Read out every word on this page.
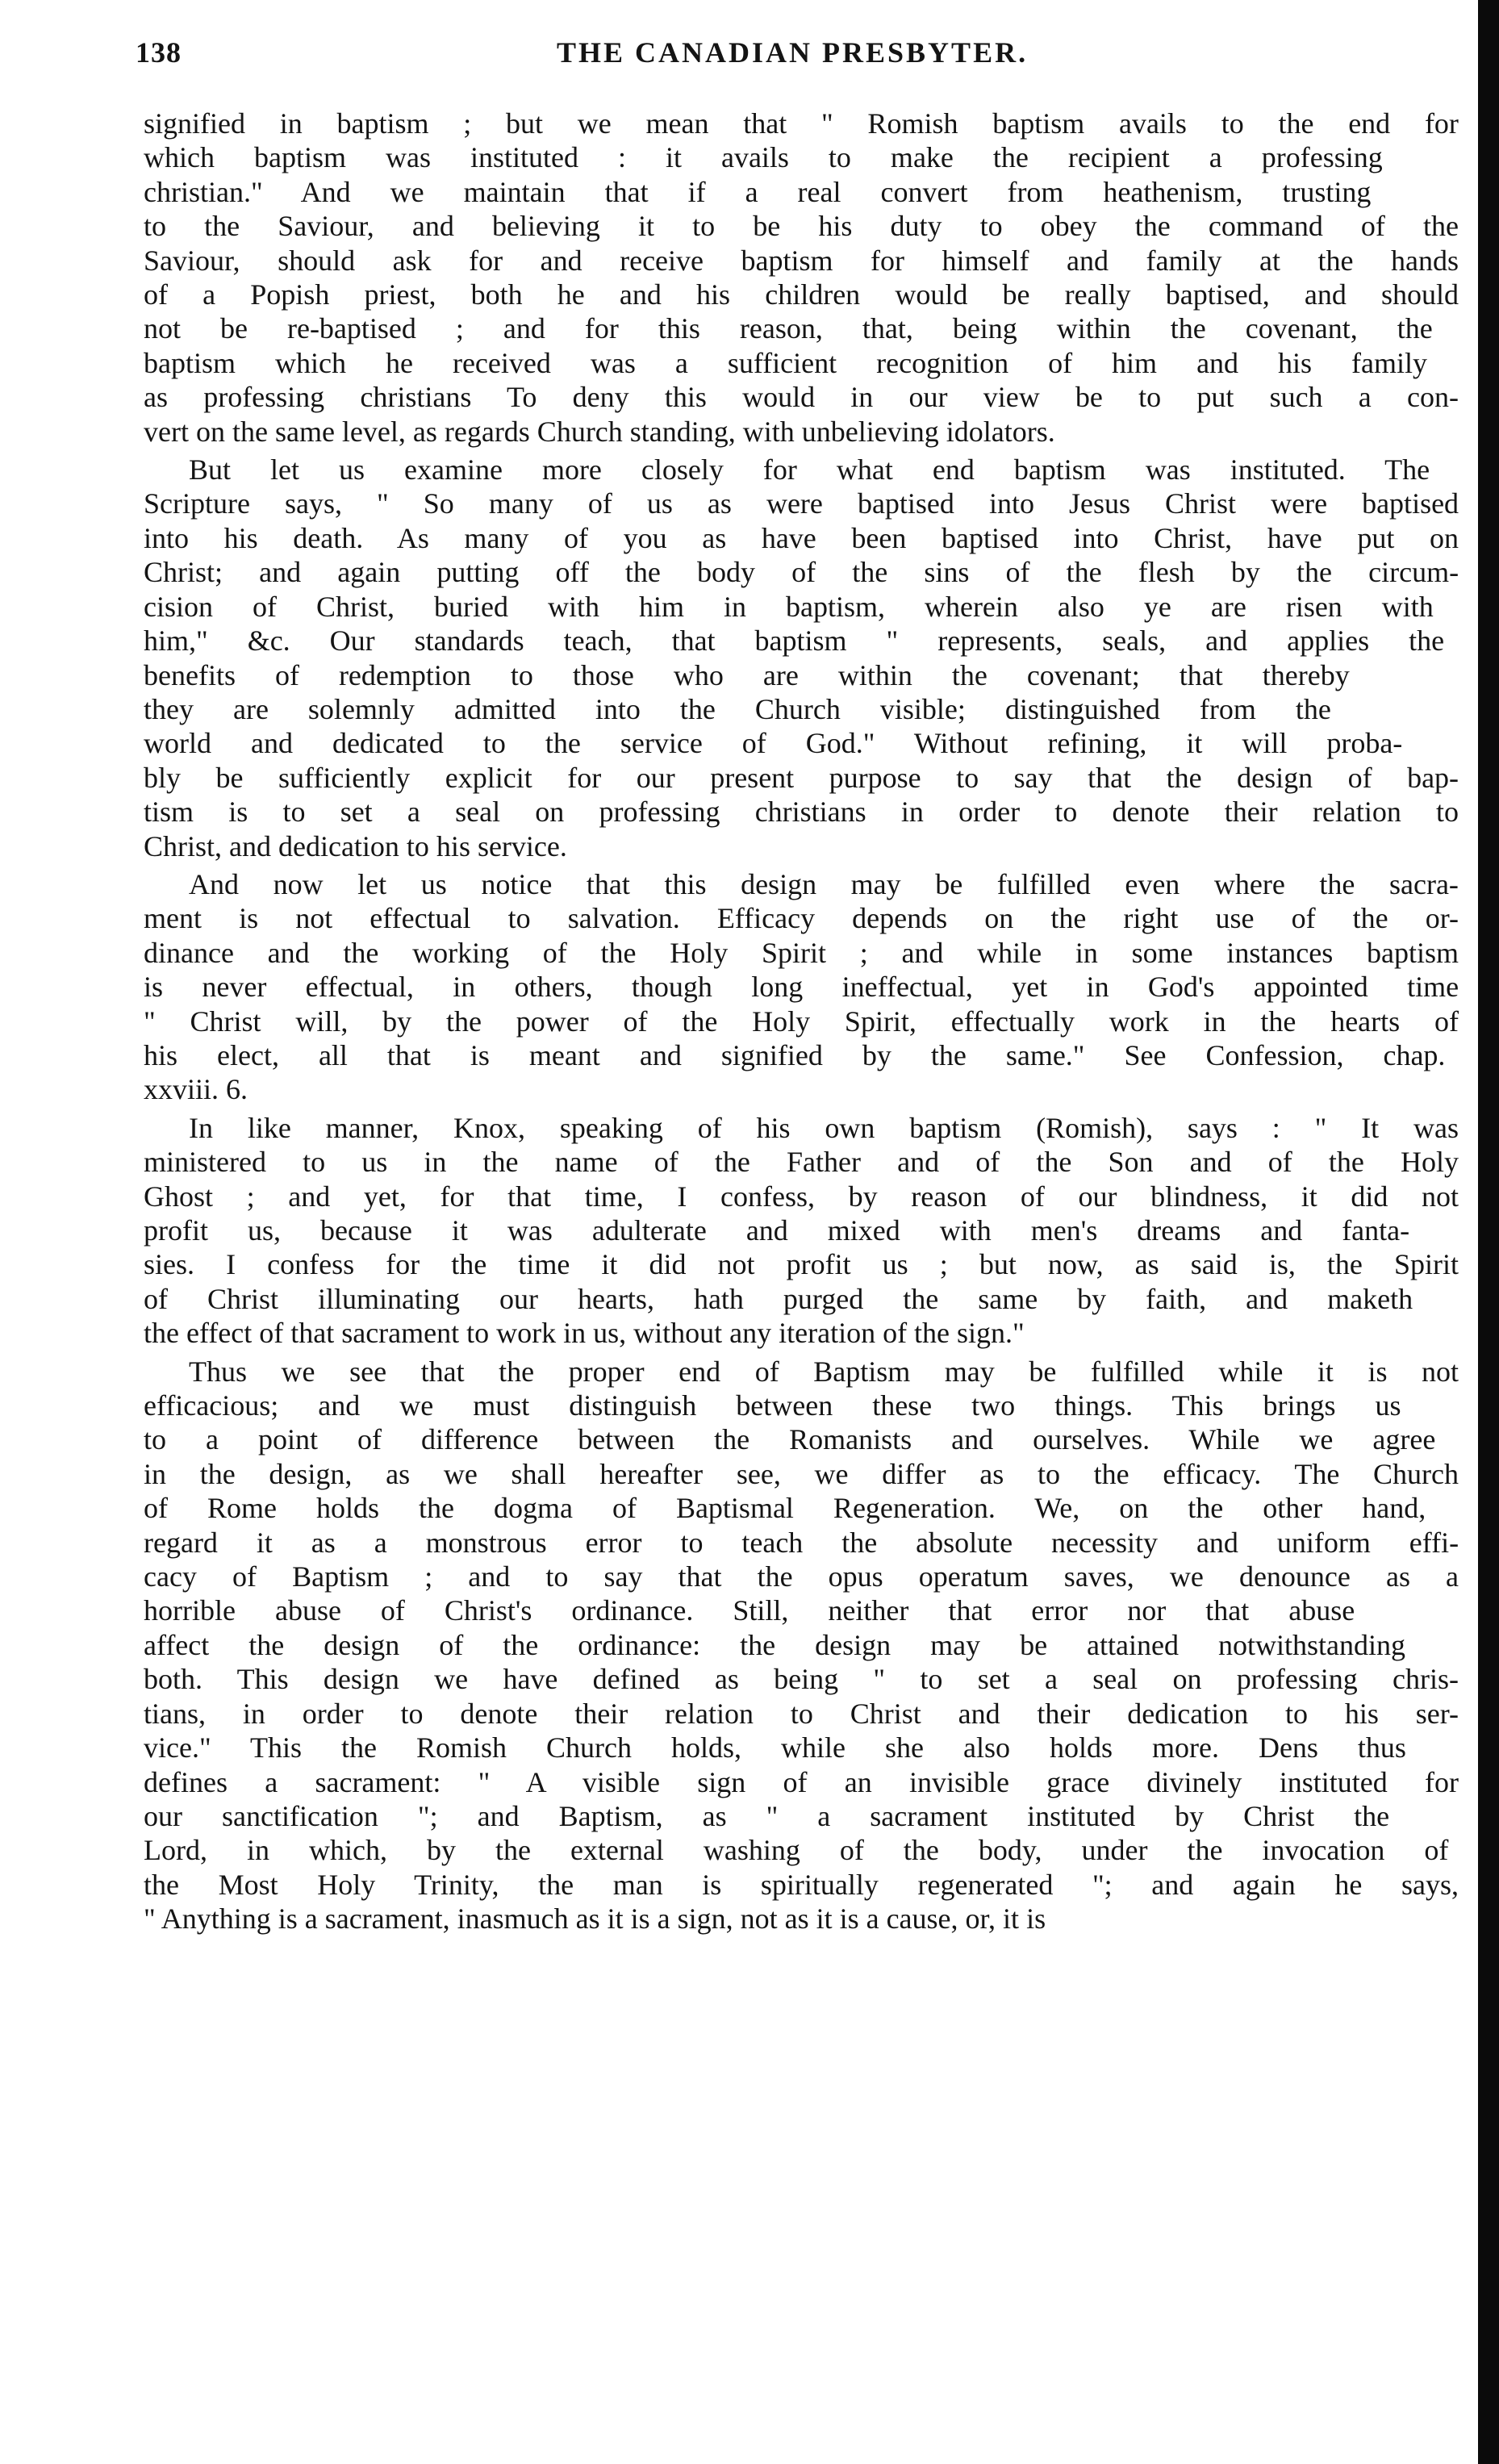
138	THE CANADIAN PRESBYTER.

signified in baptism ; but we mean that " Romish baptism avails to the end for
which baptism was instituted : it avails to make the recipient a professing
christian." And we maintain that if a real convert from heathenism, trusting
to the Saviour, and believing it to be his duty to obey the command of the
Saviour, should ask for and receive baptism for himself and family at the hands
of a Popish priest, both he and his children would be really baptised, and should
not be re-baptised ; and for this reason, that, being within the covenant, the
baptism which he received was a sufficient recognition of him and his family
as professing christians To deny this would in our view be to put such a con-
vert on the same level, as regards Church standing, with unbelieving idolators.

But let us examine more closely for what end baptism was instituted. The
Scripture says, " So many of us as were baptised into Jesus Christ were baptised
into his death. As many of you as have been baptised into Christ, have put on
Christ; and again putting off the body of the sins of the flesh by the circum-
cision of Christ, buried with him in baptism, wherein also ye are risen with
him," &c. Our standards teach, that baptism " represents, seals, and applies the
benefits of redemption to those who are within the covenant; that thereby
they are solemnly admitted into the Church visible; distinguished from the
world and dedicated to the service of God." Without refining, it will proba-
bly be sufficiently explicit for our present purpose to say that the design of bap-
tism is to set a seal on professing christians in order to denote their relation to
Christ, and dedication to his service.

And now let us notice that this design may be fulfilled even where the sacra-
ment is not effectual to salvation. Efficacy depends on the right use of the or-
dinance and the working of the Holy Spirit ; and while in some instances baptism
is never effectual, in others, though long ineffectual, yet in God's appointed time
" Christ will, by the power of the Holy Spirit, effectually work in the hearts of
his elect, all that is meant and signified by the same." See Confession, chap.
xxviii. 6.

In like manner, Knox, speaking of his own baptism (Romish), says : " It was
ministered to us in the name of the Father and of the Son and of the Holy
Ghost ; and yet, for that time, I confess, by reason of our blindness, it did not
profit us, because it was adulterate and mixed with men's dreams and fanta-
sies. I confess for the time it did not profit us ; but now, as said is, the Spirit
of Christ illuminating our hearts, hath purged the same by faith, and maketh
the effect of that sacrament to work in us, without any iteration of the sign."

Thus we see that the proper end of Baptism may be fulfilled while it is not
efficacious; and we must distinguish between these two things. This brings us
to a point of difference between the Romanists and ourselves. While we agree
in the design, as we shall hereafter see, we differ as to the efficacy. The Church
of Rome holds the dogma of Baptismal Regeneration. We, on the other hand,
regard it as a monstrous error to teach the absolute necessity and uniform effi-
cacy of Baptism ; and to say that the opus operatum saves, we denounce as a
horrible abuse of Christ's ordinance. Still, neither that error nor that abuse
affect the design of the ordinance: the design may be attained notwithstanding
both. This design we have defined as being " to set a seal on professing chris-
tians, in order to denote their relation to Christ and their dedication to his ser-
vice." This the Romish Church holds, while she also holds more. Dens thus
defines a sacrament: " A visible sign of an invisible grace divinely instituted for
our sanctification "; and Baptism, as " a sacrament instituted by Christ the
Lord, in which, by the external washing of the body, under the invocation of
the Most Holy Trinity, the man is spiritually regenerated "; and again he says,
" Anything is a sacrament, inasmuch as it is a sign, not as it is a cause, or, it is
